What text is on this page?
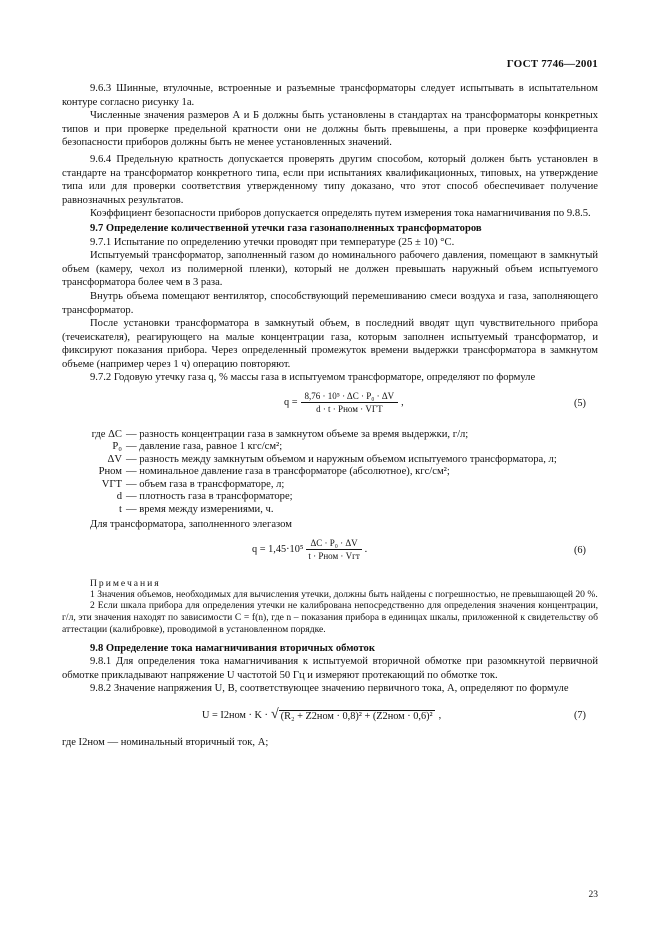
ГОСТ 7746—2001

9.6.3 Шинные, втулочные, встроенные и разъемные трансформаторы следует испытывать в испытательном контуре согласно рисунку 1а.

Численные значения размеров А и Б должны быть установлены в стандартах на трансформаторы конкретных типов и при проверке предельной кратности они не должны быть превышены, а при проверке коэффициента безопасности приборов должны быть не менее установленных значений.

9.6.4 Предельную кратность допускается проверять другим способом, который должен быть установлен в стандарте на трансформатор конкретного типа, если при испытаниях квалификационных, типовых, на утверждение типа или для проверки соответствия утвержденному типу доказано, что этот способ обеспечивает получение равнозначных результатов.

Коэффициент безопасности приборов допускается определять путем измерения тока намагничивания по 9.8.5.

9.7 Определение количественной утечки газа газонаполненных трансформаторов

9.7.1 Испытание по определению утечки проводят при температуре (25 ± 10) °С.

Испытуемый трансформатор, заполненный газом до номинального рабочего давления, помещают в замкнутый объем (камеру, чехол из полимерной пленки), который не должен превышать наружный объем испытуемого трансформатора более чем в 3 раза.

Внутрь объема помещают вентилятор, способствующий перемешиванию смеси воздуха и газа, заполняющего трансформатор.

После установки трансформатора в замкнутый объем, в последний вводят щуп чувствительного прибора (течеискателя), реагирующего на малые концентрации газа, которым заполнен испытуемый трансформатор, и фиксируют показания прибора. Через определенный промежуток времени выдержки трансформатора в замкнутом объеме (например через 1 ч) операцию повторяют.

9.7.2 Годовую утечку газа q, % массы газа в испытуемом трансформаторе, определяют по формуле

$q = \frac{\text{8,76 · 10⁵ · ΔC · P₀ · ΔV}}{\text{d · t · Pном · VГТ}}$ ,	(5)
где ΔC — разность концентрации газа в замкнутом объеме за время выдержки, г/л;
P₀ — давление газа, равное 1 кгс/см²;
ΔV — разность между замкнутым объемом и наружным объемом испытуемого трансформатора, л;
Pном — номинальное давление газа в трансформаторе (абсолютное), кгс/см²;
VГТ — объем газа в трансформаторе, л;
d — плотность газа в трансформаторе;
t — время между измерениями, ч.

Для трансформатора, заполненного элегазом

$q = 1,45\cdot 10^5 \frac{\text{ΔC · P₀ · ΔV}}{\text{t · Pном · Vгт}}$ .	(6)
Примечания

1 Значения объемов, необходимых для вычисления утечки, должны быть найдены с погрешностью, не превышающей 20 %.

2 Если шкала прибора для определения утечки не калибрована непосредственно для определения значения концентрации, г/л, эти значения находят по зависимости C = f(n), где n – показания прибора в единицах шкалы, приложенной к свидетельству об аттестации (калибровке), проводимой в установленном порядке.

9.8 Определение тока намагничивания вторичных обмоток

9.8.1 Для определения тока намагничивания к испытуемой вторичной обмотке при разомкнутой первичной обмотке прикладывают напряжение U частотой 50 Гц и измеряют протекающий по обмотке ток.

9.8.2 Значение напряжения U, В, соответствующее значению первичного тока, А, определяют по формуле

U = I2ном · K · √ (R₂ + Z2ном · 0,8)² + (Z2ном · 0,6)² ,	(7)

где I2ном — номинальный вторичный ток, А;

23
